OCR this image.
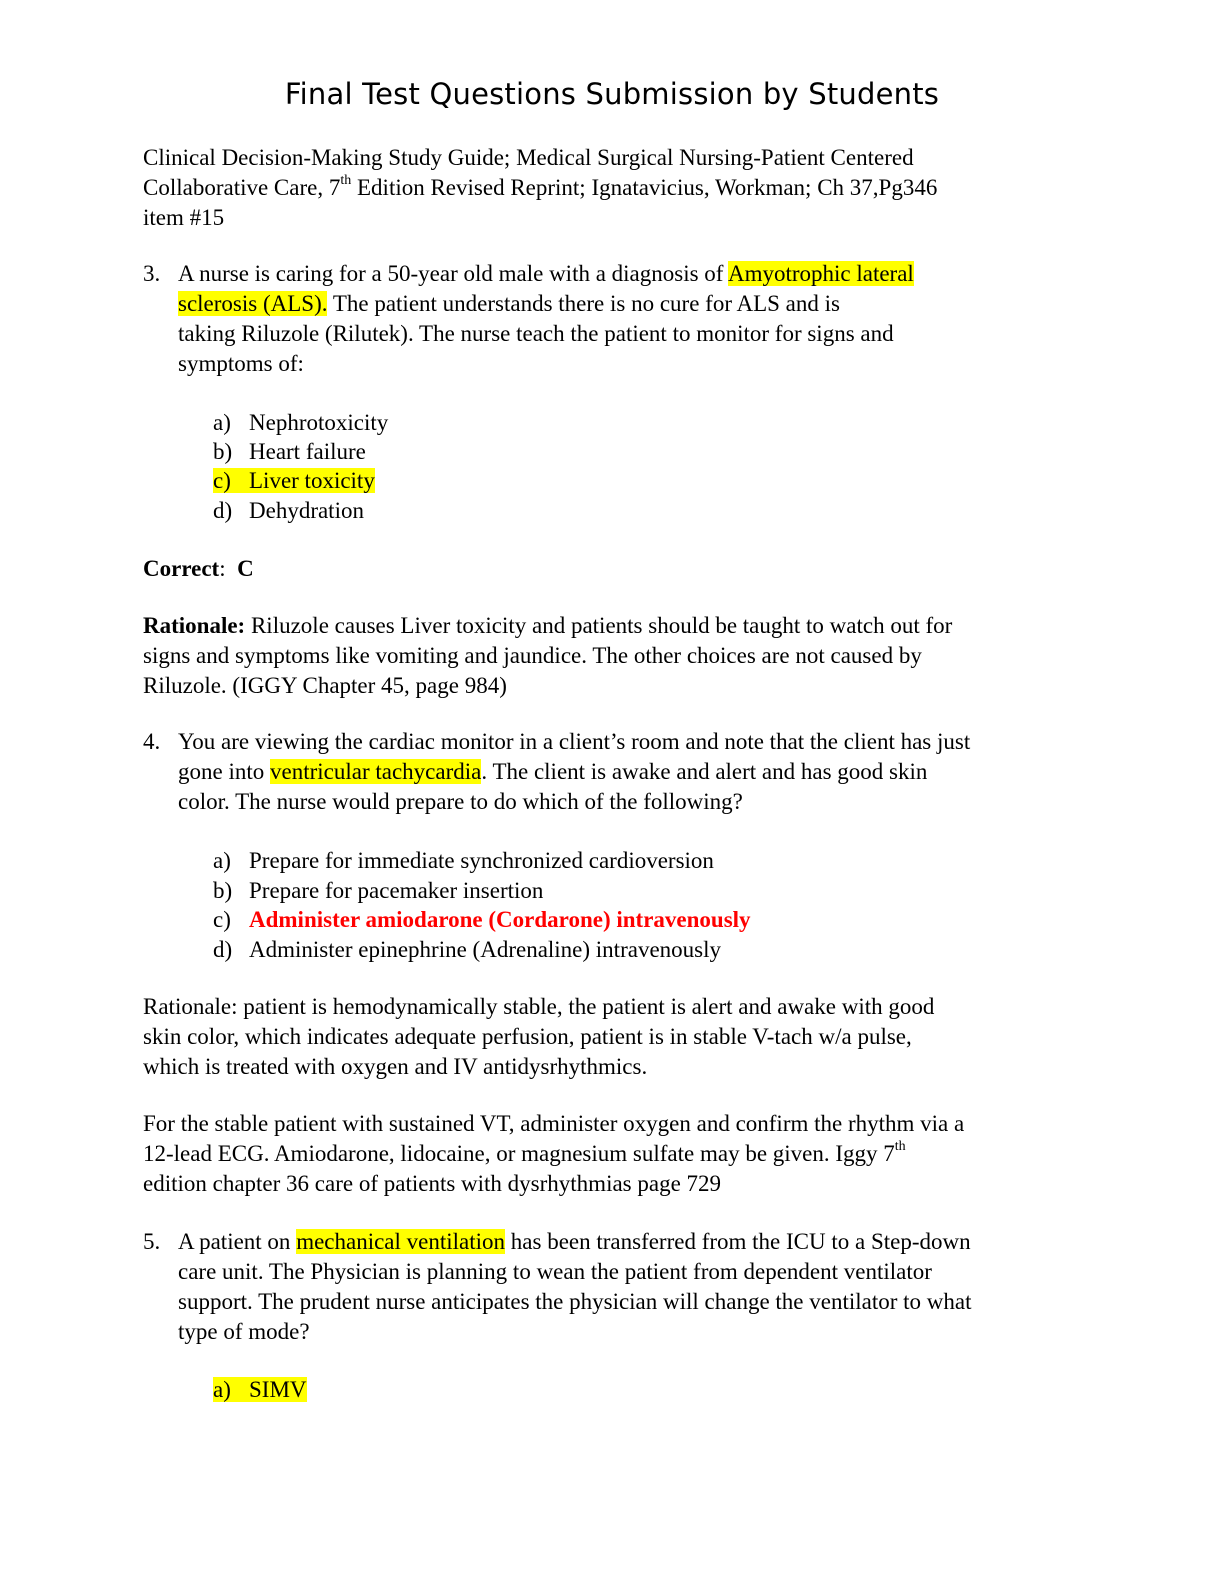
Final Test Questions Submission by Students
Clinical Decision-Making Study Guide; Medical Surgical Nursing-Patient Centered
Collaborative Care, 7th Edition Revised Reprint; Ignatavicius, Workman; Ch 37,Pg346
item #15
3. A nurse is caring for a 50-year old male with a diagnosis of Amyotrophic lateral
sclerosis (ALS). The patient understands there is no cure for ALS and is
taking Riluzole (Rilutek). The nurse teach the patient to monitor for signs and
symptoms of:
a) Nephrotoxicity
b) Heart failure
c) Liver toxicity
d) Dehydration
Correct:  C
Rationale: Riluzole causes Liver toxicity and patients should be taught to watch out for
signs and symptoms like vomiting and jaundice. The other choices are not caused by
Riluzole. (IGGY Chapter 45, page 984)
4. You are viewing the cardiac monitor in a client’s room and note that the client has just
gone into ventricular tachycardia. The client is awake and alert and has good skin
color. The nurse would prepare to do which of the following?
a) Prepare for immediate synchronized cardioversion
b) Prepare for pacemaker insertion
c) Administer amiodarone (Cordarone) intravenously
d) Administer epinephrine (Adrenaline) intravenously
Rationale: patient is hemodynamically stable, the patient is alert and awake with good
skin color, which indicates adequate perfusion, patient is in stable V-tach w/a pulse,
which is treated with oxygen and IV antidysrhythmics.
For the stable patient with sustained VT, administer oxygen and confirm the rhythm via a
12-lead ECG. Amiodarone, lidocaine, or magnesium sulfate may be given. Iggy 7th
edition chapter 36 care of patients with dysrhythmias page 729
5. A patient on mechanical ventilation has been transferred from the ICU to a Step-down
care unit. The Physician is planning to wean the patient from dependent ventilator
support. The prudent nurse anticipates the physician will change the ventilator to what
type of mode?
a) SIMV
